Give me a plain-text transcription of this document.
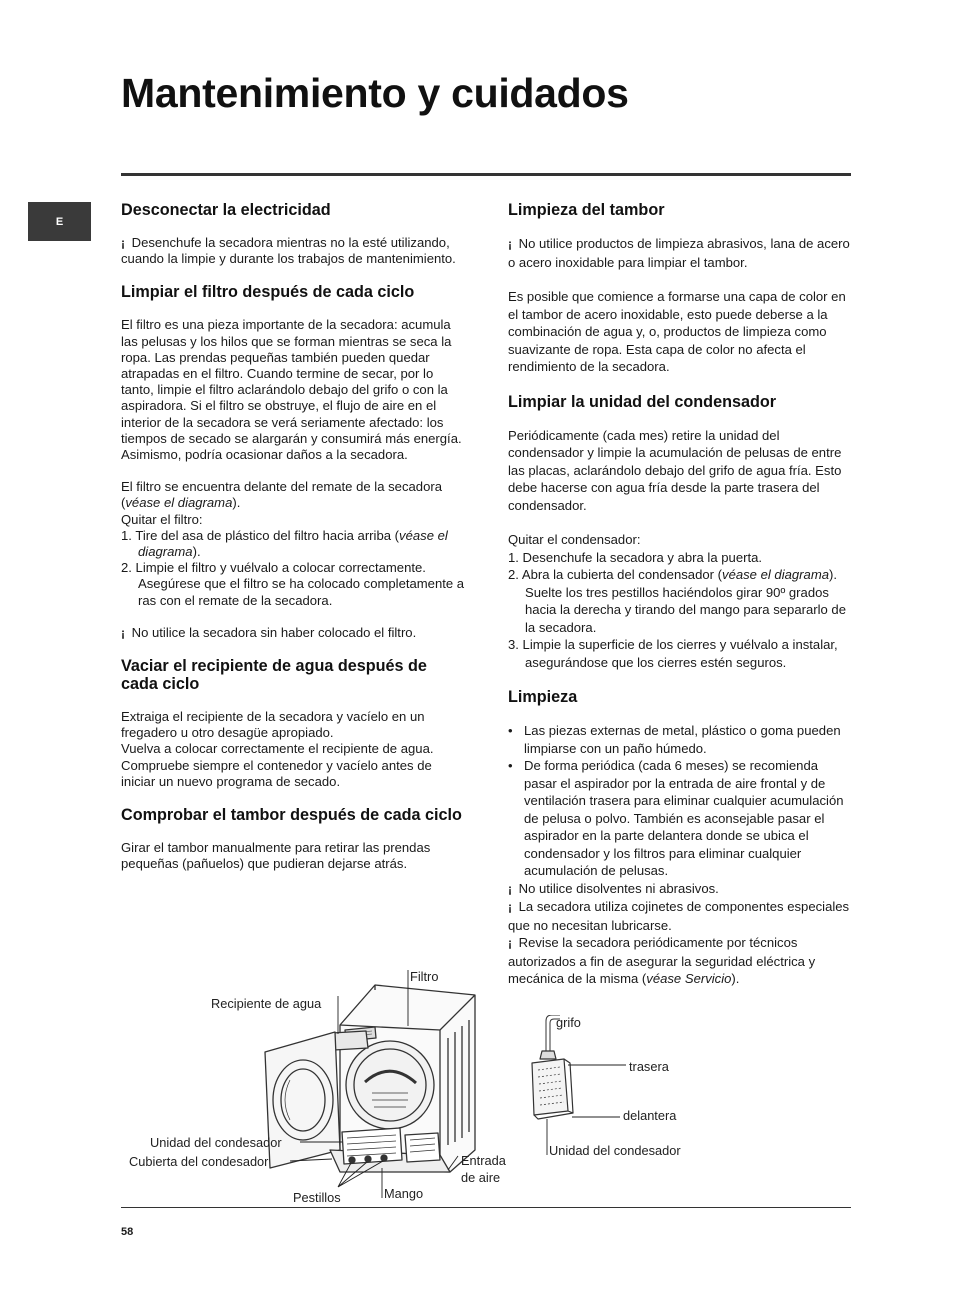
Mantenimiento y cuidados
E
Desconectar la electricidad

¡ Desenchufe la secadora mientras no la esté utilizando, cuando la limpie y durante los trabajos de mantenimiento.

Limpiar el filtro después de cada ciclo

El filtro es una pieza importante de la secadora: acumula las pelusas y los hilos que se forman mientras se seca la ropa. Las prendas pequeñas también pueden quedar atrapadas en el filtro. Cuando termine de secar, por lo tanto, limpie el filtro aclarándolo debajo del grifo o con la aspiradora. Si el filtro se obstruye, el flujo de aire en el interior de la secadora se verá seriamente afectado: los tiempos de secado se alargarán y consumirá más energía. Asimismo, podría ocasionar daños a la secadora.

El filtro se encuentra delante del remate de la secadora (véase el diagrama).

Quitar el filtro:

1. Tire del asa de plástico del filtro hacia arriba (véase el diagrama).

2. Limpie el filtro y vuélvalo a colocar correctamente. Asegúrese que el filtro se ha colocado completamente a ras con el remate de la secadora.

¡ No utilice la secadora sin haber colocado el filtro.

Vaciar el recipiente de agua después de cada ciclo

Extraiga el recipiente de la secadora y vacíelo en un fregadero u otro desagüe apropiado.

Vuelva a colocar correctamente el recipiente de agua. Compruebe siempre el contenedor y vacíelo antes de iniciar un nuevo programa de secado.

Comprobar el tambor después de cada ciclo

Girar el tambor manualmente para retirar las prendas pequeñas (pañuelos) que pudieran dejarse atrás.

Limpieza del tambor

¡ No utilice productos de limpieza abrasivos, lana de acero o acero inoxidable para limpiar el tambor.

Es posible que comience a formarse una capa de color en el tambor de acero inoxidable, esto puede deberse a la combinación de agua y, o, productos de limpieza como suavizante de ropa. Esta capa de color no afecta el rendimiento de la secadora.

Limpiar la unidad del condensador

Periódicamente (cada mes) retire la unidad del condensador y limpie la acumulación de pelusas de entre las placas, aclarándolo debajo del grifo de agua fría. Esto debe hacerse con agua fría desde la parte trasera del condensador.

Quitar el condensador:

1. Desenchufe la secadora y abra la puerta.

2. Abra la cubierta del condensador (véase el diagrama). Suelte los tres pestillos haciéndolos girar 90º grados hacia la derecha y tirando del mango para separarlo de la secadora.

3. Limpie la superficie de los cierres y vuélvalo a instalar, asegurándose que los cierres estén seguros.

Limpieza

• Las piezas externas de metal, plástico o goma pueden limpiarse con un paño húmedo.

• De forma periódica (cada 6 meses) se recomienda pasar el aspirador por la entrada de aire frontal y de ventilación trasera para eliminar cualquier acumulación de pelusa o polvo. También es aconsejable pasar el aspirador en la parte delantera donde se ubica el condensador y los filtros para eliminar cualquier acumulación de pelusas.

¡ No utilice disolventes ni abrasivos.

¡ La secadora utiliza cojinetes de componentes especiales que no necesitan lubricarse.

¡ Revise la secadora periódicamente por técnicos autorizados a fin de asegurar la seguridad eléctrica y mecánica de la misma (véase Servicio).

Filtro
Recipiente de agua
Unidad del condesador
Cubierta del condesador
Pestillos	Mango
Entrada
de aire
grifo
trasera
delantera
Unidad del condesador
58
